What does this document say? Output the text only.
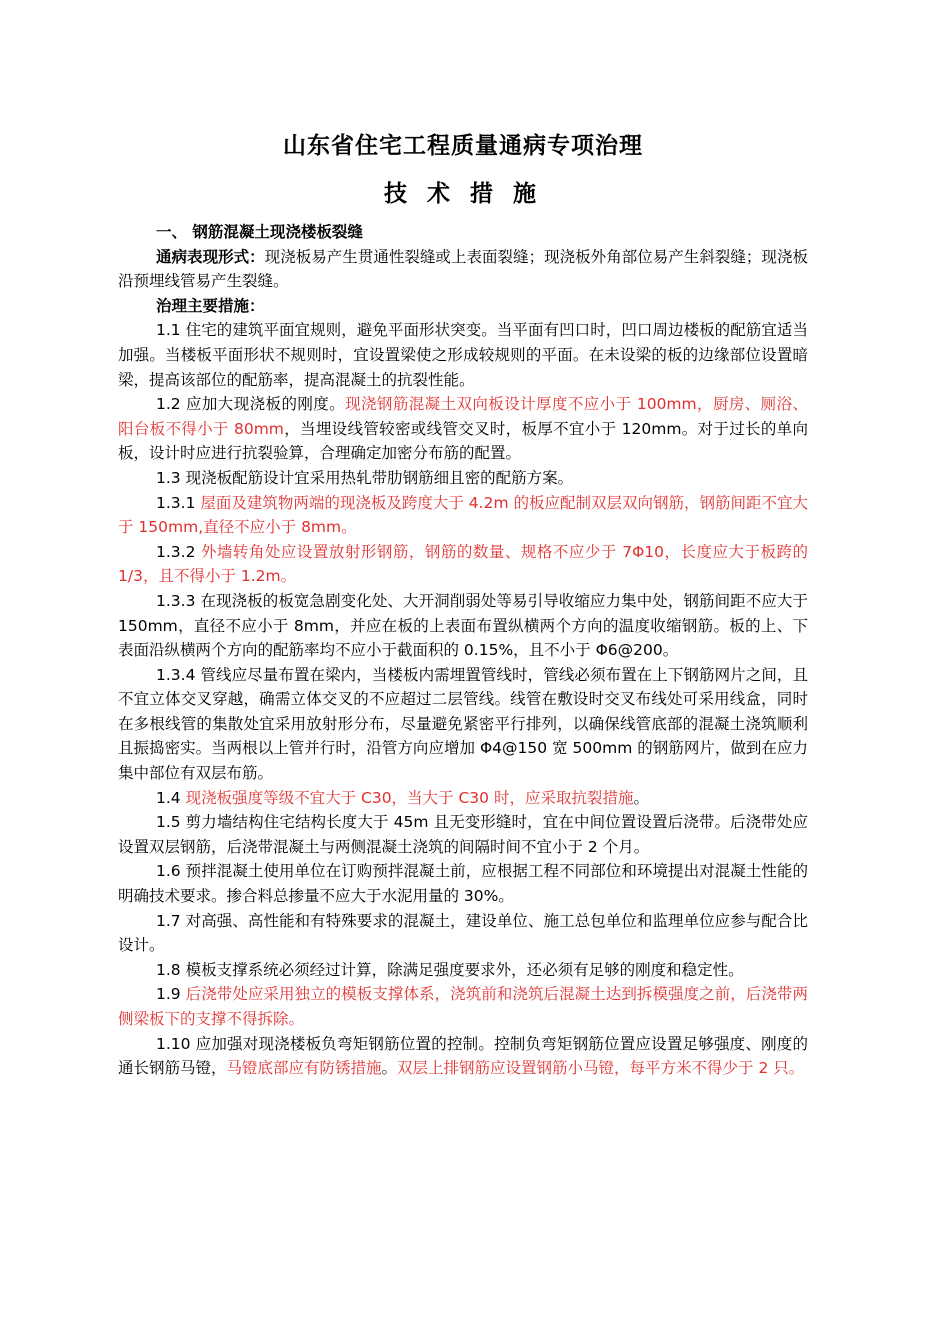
山东省住宅工程质量通病专项治理
技 术 措 施

一、 钢筋混凝土现浇楼板裂缝

通病表现形式：现浇板易产生贯通性裂缝或上表面裂缝；现浇板外角部位易产生斜裂缝；现浇板沿预埋线管易产生裂缝。

治理主要措施：

1.1 住宅的建筑平面宜规则，避免平面形状突变。当平面有凹口时，凹口周边楼板的配筋宜适当加强。当楼板平面形状不规则时，宜设置梁使之形成较规则的平面。在未设梁的板的边缘部位设置暗梁，提高该部位的配筋率，提高混凝土的抗裂性能。

1.2 应加大现浇板的刚度。现浇钢筋混凝土双向板设计厚度不应小于 100mm，厨房、厕浴、阳台板不得小于 80mm，当埋设线管较密或线管交叉时，板厚不宜小于 120mm。对于过长的单向板，设计时应进行抗裂验算，合理确定加密分布筋的配置。

1.3 现浇板配筋设计宜采用热轧带肋钢筋细且密的配筋方案。

1.3.1 屋面及建筑物两端的现浇板及跨度大于 4.2m 的板应配制双层双向钢筋，钢筋间距不宜大于 150mm,直径不应小于 8mm。

1.3.2 外墙转角处应设置放射形钢筋，钢筋的数量、规格不应少于 7Φ10，长度应大于板跨的 1/3，且不得小于 1.2m。

1.3.3 在现浇板的板宽急剧变化处、大开洞削弱处等易引导收缩应力集中处，钢筋间距不应大于 150mm，直径不应小于 8mm，并应在板的上表面布置纵横两个方向的温度收缩钢筋。板的上、下表面沿纵横两个方向的配筋率均不应小于截面积的 0.15%，且不小于 Φ6@200。

1.3.4 管线应尽量布置在梁内，当楼板内需埋置管线时，管线必须布置在上下钢筋网片之间，且不宜立体交叉穿越，确需立体交叉的不应超过二层管线。线管在敷设时交叉布线处可采用线盒，同时在多根线管的集散处宜采用放射形分布，尽量避免紧密平行排列，以确保线管底部的混凝土浇筑顺利且振捣密实。当两根以上管并行时，沿管方向应增加 Φ4@150 宽 500mm 的钢筋网片，做到在应力集中部位有双层布筋。

1.4 现浇板强度等级不宜大于 C30，当大于 C30 时，应采取抗裂措施。

1.5 剪力墙结构住宅结构长度大于 45m 且无变形缝时，宜在中间位置设置后浇带。后浇带处应设置双层钢筋，后浇带混凝土与两侧混凝土浇筑的间隔时间不宜小于 2 个月。

1.6 预拌混凝土使用单位在订购预拌混凝土前，应根据工程不同部位和环境提出对混凝土性能的明确技术要求。掺合料总掺量不应大于水泥用量的 30%。

1.7 对高强、高性能和有特殊要求的混凝土，建设单位、施工总包单位和监理单位应参与配合比设计。

1.8 模板支撑系统必须经过计算，除满足强度要求外，还必须有足够的刚度和稳定性。

1.9 后浇带处应采用独立的模板支撑体系，浇筑前和浇筑后混凝土达到拆模强度之前，后浇带两侧梁板下的支撑不得拆除。

1.10 应加强对现浇楼板负弯矩钢筋位置的控制。控制负弯矩钢筋位置应设置足够强度、刚度的通长钢筋马镫，马镫底部应有防锈措施。双层上排钢筋应设置钢筋小马镫，每平方米不得少于 2 只。
